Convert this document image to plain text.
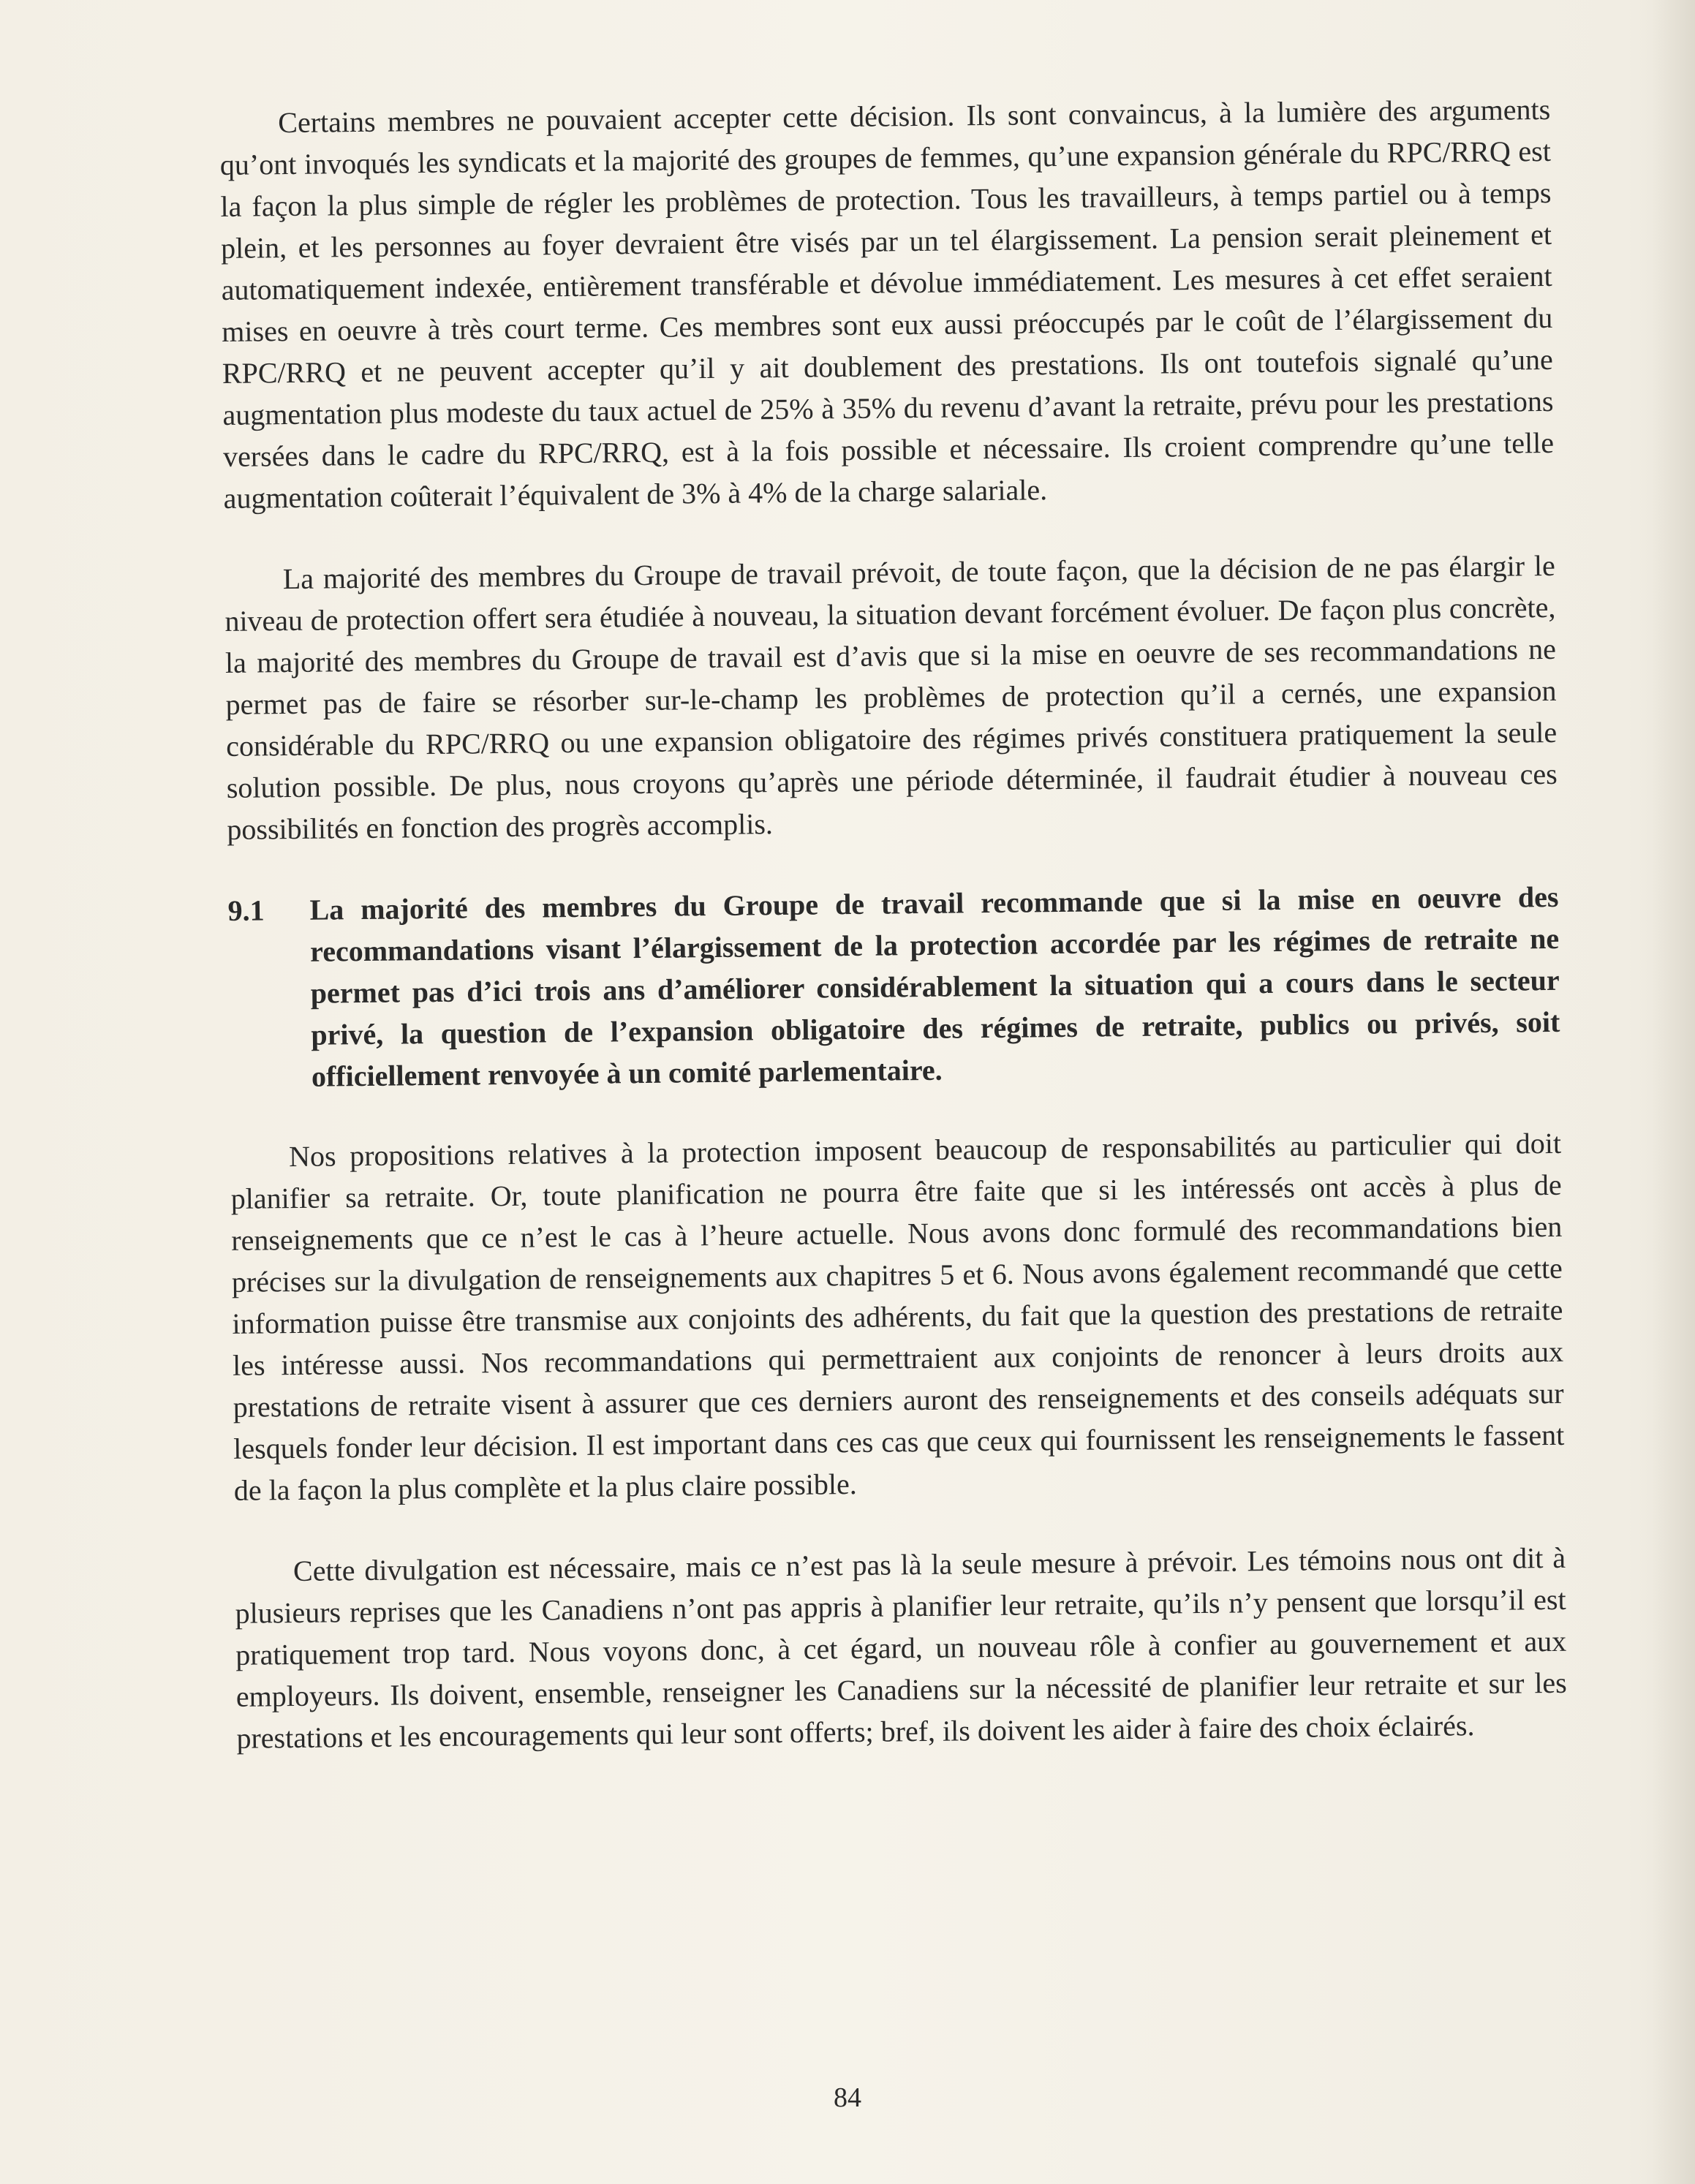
Certains membres ne pouvaient accepter cette décision. Ils sont convaincus, à la lumière des arguments qu’ont invoqués les syndicats et la majorité des groupes de femmes, qu’une expansion générale du RPC/RRQ est la façon la plus simple de régler les problèmes de protection. Tous les travailleurs, à temps partiel ou à temps plein, et les personnes au foyer devraient être visés par un tel élargissement. La pension serait pleinement et automatiquement indexée, entièrement transférable et dévolue immédiatement. Les mesures à cet effet seraient mises en oeuvre à très court terme. Ces membres sont eux aussi préoccupés par le coût de l’élargissement du RPC/RRQ et ne peuvent accepter qu’il y ait doublement des prestations. Ils ont toutefois signalé qu’une augmentation plus modeste du taux actuel de 25% à 35% du revenu d’avant la retraite, prévu pour les prestations versées dans le cadre du RPC/RRQ, est à la fois possible et nécessaire. Ils croient comprendre qu’une telle augmentation coûterait l’équivalent de 3% à 4% de la charge salariale.

La majorité des membres du Groupe de travail prévoit, de toute façon, que la décision de ne pas élargir le niveau de protection offert sera étudiée à nouveau, la situation devant forcément évoluer. De façon plus concrète, la majorité des membres du Groupe de travail est d’avis que si la mise en oeuvre de ses recommandations ne permet pas de faire se résorber sur-le-champ les problèmes de protection qu’il a cernés, une expansion considérable du RPC/RRQ ou une expansion obligatoire des régimes privés constituera pratiquement la seule solution possible. De plus, nous croyons qu’après une période déterminée, il faudrait étudier à nouveau ces possibilités en fonction des progrès accomplis.

9.1	La majorité des membres du Groupe de travail recommande que si la mise en oeuvre des recommandations visant l’élargissement de la protection accordée par les régimes de retraite ne permet pas d’ici trois ans d’améliorer considérablement la situation qui a cours dans le secteur privé, la question de l’expansion obligatoire des régimes de retraite, publics ou privés, soit officiellement renvoyée à un comité parlementaire.

Nos propositions relatives à la protection imposent beaucoup de responsabilités au particulier qui doit planifier sa retraite. Or, toute planification ne pourra être faite que si les intéressés ont accès à plus de renseignements que ce n’est le cas à l’heure actuelle. Nous avons donc formulé des recommandations bien précises sur la divulgation de renseignements aux chapitres 5 et 6. Nous avons également recommandé que cette information puisse être transmise aux conjoints des adhérents, du fait que la question des prestations de retraite les intéresse aussi. Nos recommandations qui permettraient aux conjoints de renoncer à leurs droits aux prestations de retraite visent à assurer que ces derniers auront des renseignements et des conseils adéquats sur lesquels fonder leur décision. Il est important dans ces cas que ceux qui fournissent les renseignements le fassent de la façon la plus complète et la plus claire possible.

Cette divulgation est nécessaire, mais ce n’est pas là la seule mesure à prévoir. Les témoins nous ont dit à plusieurs reprises que les Canadiens n’ont pas appris à planifier leur retraite, qu’ils n’y pensent que lorsqu’il est pratiquement trop tard. Nous voyons donc, à cet égard, un nouveau rôle à confier au gouvernement et aux employeurs. Ils doivent, ensemble, renseigner les Canadiens sur la nécessité de planifier leur retraite et sur les prestations et les encouragements qui leur sont offerts; bref, ils doivent les aider à faire des choix éclairés.

84
